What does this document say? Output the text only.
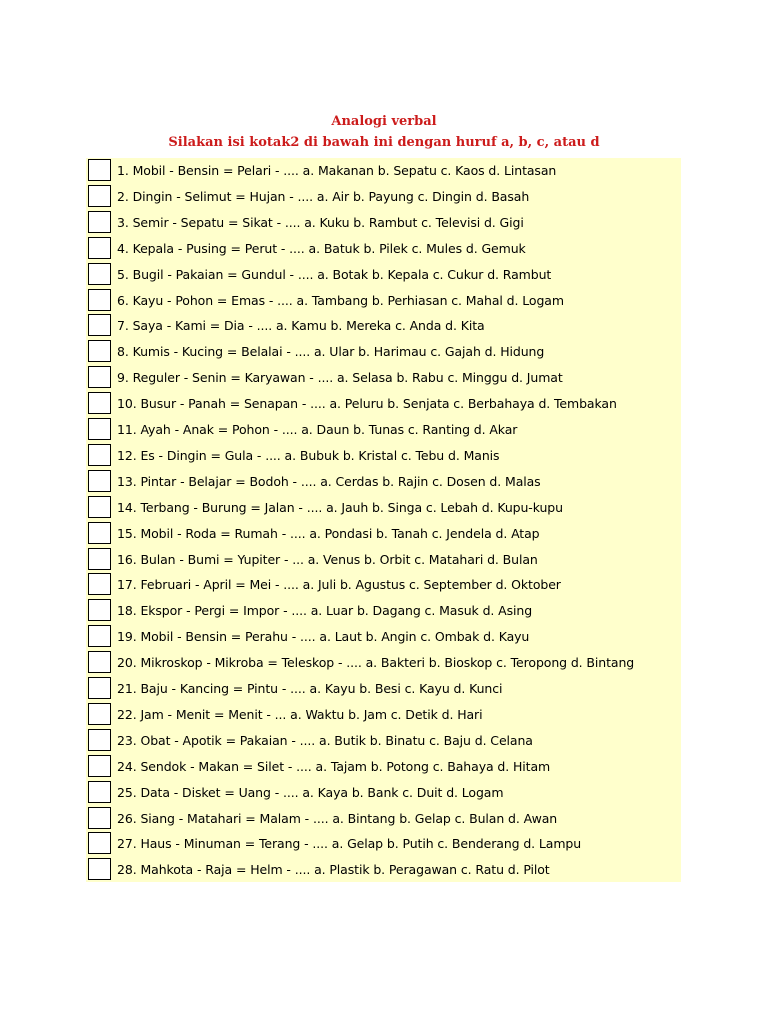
Analogi verbal
Silakan isi kotak2 di bawah ini dengan huruf a, b, c, atau d
1. Mobil - Bensin = Pelari - .... a. Makanan b. Sepatu c. Kaos d. Lintasan
2. Dingin - Selimut = Hujan - .... a. Air b. Payung c. Dingin d. Basah
3. Semir - Sepatu = Sikat - .... a. Kuku b. Rambut c. Televisi d. Gigi
4. Kepala - Pusing = Perut - .... a. Batuk b. Pilek c. Mules d. Gemuk
5. Bugil - Pakaian = Gundul - .... a. Botak b. Kepala c. Cukur d. Rambut
6. Kayu - Pohon = Emas - .... a. Tambang b. Perhiasan c. Mahal d. Logam
7. Saya - Kami = Dia - .... a. Kamu b. Mereka c. Anda d. Kita
8. Kumis - Kucing = Belalai - .... a. Ular b. Harimau c. Gajah d. Hidung
9. Reguler - Senin = Karyawan - .... a. Selasa b. Rabu c. Minggu d. Jumat
10. Busur - Panah = Senapan - .... a. Peluru b. Senjata c. Berbahaya d. Tembakan
11. Ayah - Anak = Pohon - .... a. Daun b. Tunas c. Ranting d. Akar
12. Es - Dingin = Gula - .... a. Bubuk b. Kristal c. Tebu d. Manis
13. Pintar - Belajar = Bodoh - .... a. Cerdas b. Rajin c. Dosen d. Malas
14. Terbang - Burung = Jalan - .... a. Jauh b. Singa c. Lebah d. Kupu-kupu
15. Mobil - Roda = Rumah - .... a. Pondasi b. Tanah c. Jendela d. Atap
16. Bulan - Bumi = Yupiter - ... a. Venus b. Orbit c. Matahari d. Bulan
17. Februari - April = Mei - .... a. Juli b. Agustus c. September d. Oktober
18. Ekspor - Pergi = Impor - .... a. Luar b. Dagang c. Masuk d. Asing
19. Mobil - Bensin = Perahu - .... a. Laut b. Angin c. Ombak d. Kayu
20. Mikroskop - Mikroba = Teleskop - .... a. Bakteri b. Bioskop c. Teropong d. Bintang
21. Baju - Kancing = Pintu - .... a. Kayu b. Besi c. Kayu d. Kunci
22. Jam - Menit = Menit - ... a. Waktu b. Jam c. Detik d. Hari
23. Obat - Apotik = Pakaian - .... a. Butik b. Binatu c. Baju d. Celana
24. Sendok - Makan = Silet - .... a. Tajam b. Potong c. Bahaya d. Hitam
25. Data - Disket = Uang - .... a. Kaya b. Bank c. Duit d. Logam
26. Siang - Matahari = Malam - .... a. Bintang b. Gelap c. Bulan d. Awan
27. Haus - Minuman = Terang - .... a. Gelap b. Putih c. Benderang d. Lampu
28. Mahkota - Raja = Helm - .... a. Plastik b. Peragawan c. Ratu d. Pilot
